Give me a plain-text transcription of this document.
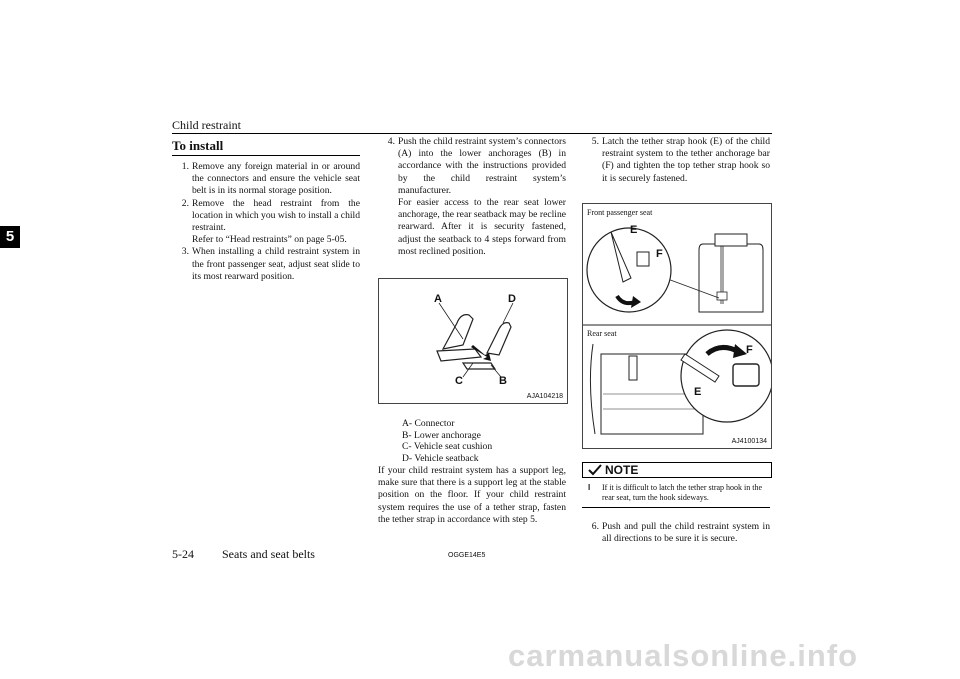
Child restraint
5
To install
1. Remove any foreign material in or around the connectors and ensure the vehicle seat belt is in its normal storage position.
2. Remove the head restraint from the location in which you wish to install a child restraint.
Refer to “Head restraints” on page 5-05.
3. When installing a child restraint system in the front passenger seat, adjust seat slide to its most rearward position.
4. Push the child restraint system’s connectors (A) into the lower anchorages (B) in accordance with the instructions provided by the child restraint system’s manufacturer.
For easier access to the rear seat lower anchorage, the rear seatback may be recline rearward. After it is security fastened, adjust the seatback to 4 steps forward from most reclined position.
A	D
C	B
AJA104218
A- Connector
B- Lower anchorage
C- Vehicle seat cushion
D- Vehicle seatback

If your child restraint system has a support leg, make sure that there is a support leg at the stable position on the floor. If your child restraint system requires the use of a tether strap, fasten the tether strap in accordance with step 5.

5. Latch the tether strap hook (E) of the child restraint system to the tether anchorage bar (F) and tighten the top tether strap hook so it is securely fastened.
Front passenger seat
Rear seat
E
F
F
E
AJ4100134
NOTE
l	If it is difficult to latch the tether strap hook in the rear seat, turn the hook sideways.
6. Push and pull the child restraint system in all directions to be sure it is secure.
5-24 Seats and seat belts	OGGE14E5
carmanualsonline.info
